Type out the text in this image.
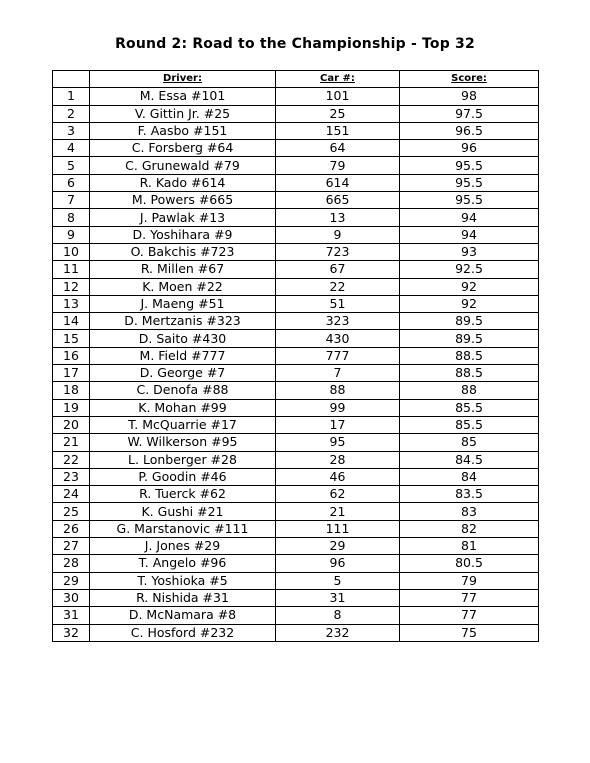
Round 2: Road to the Championship - Top 32
	Driver:	Car #:	Score:
1	M. Essa #101	101	98
2	V. Gittin Jr. #25	25	97.5
3	F. Aasbo #151	151	96.5
4	C. Forsberg #64	64	96
5	C. Grunewald #79	79	95.5
6	R. Kado #614	614	95.5
7	M. Powers #665	665	95.5
8	J. Pawlak #13	13	94
9	D. Yoshihara #9	9	94
10	O. Bakchis #723	723	93
11	R. Millen #67	67	92.5
12	K. Moen #22	22	92
13	J. Maeng #51	51	92
14	D. Mertzanis #323	323	89.5
15	D. Saito #430	430	89.5
16	M. Field #777	777	88.5
17	D. George #7	7	88.5
18	C. Denofa #88	88	88
19	K. Mohan #99	99	85.5
20	T. McQuarrie #17	17	85.5
21	W. Wilkerson #95	95	85
22	L. Lonberger #28	28	84.5
23	P. Goodin #46	46	84
24	R. Tuerck #62	62	83.5
25	K. Gushi #21	21	83
26	G. Marstanovic #111	111	82
27	J. Jones #29	29	81
28	T. Angelo #96	96	80.5
29	T. Yoshioka #5	5	79
30	R. Nishida #31	31	77
31	D. McNamara #8	8	77
32	C. Hosford #232	232	75
